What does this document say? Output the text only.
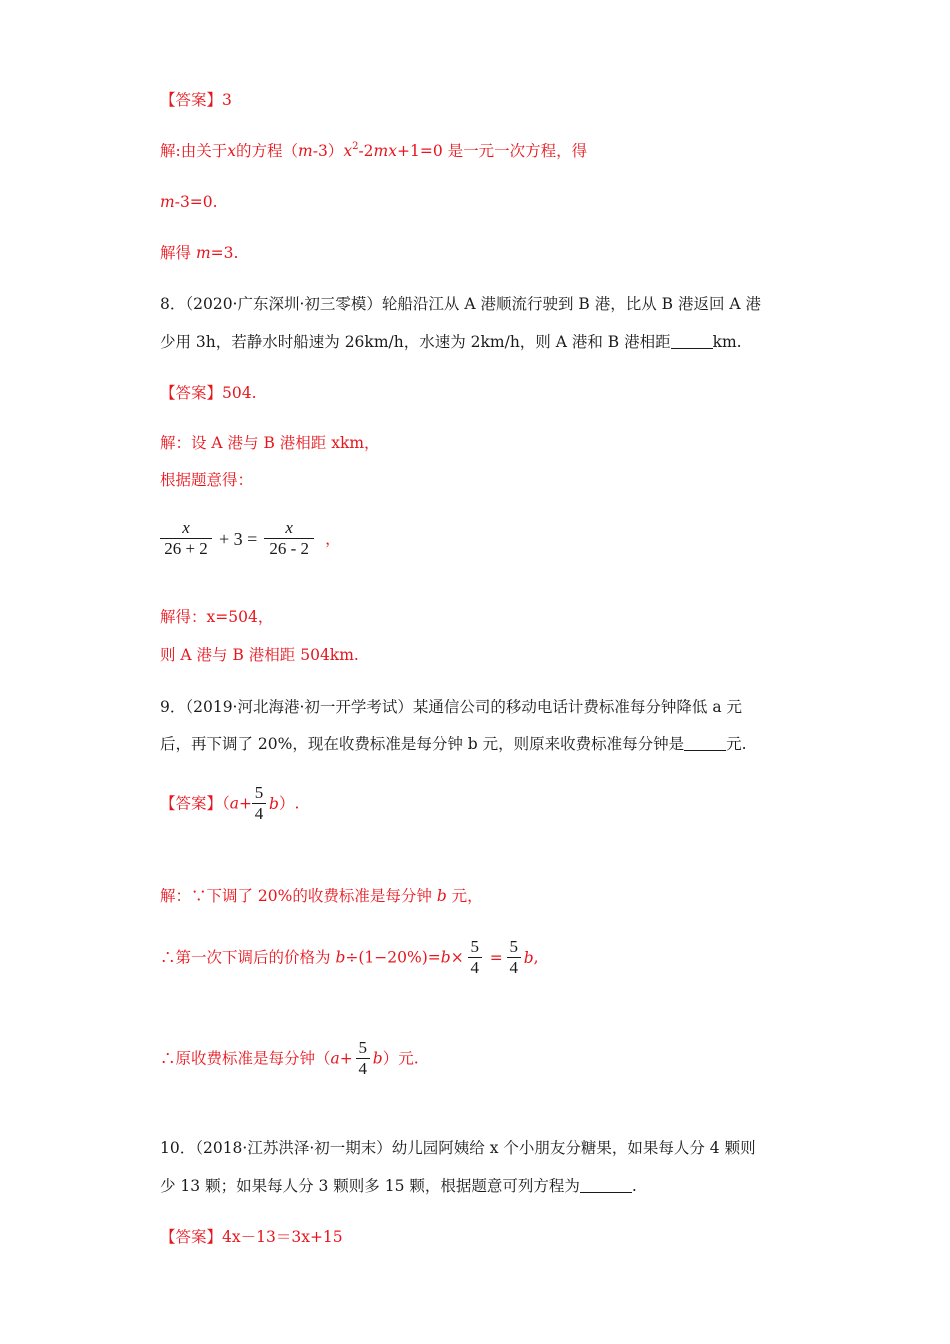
【答案】3
解:由关于x的方程$(m-3)x^2-2mx+1=0$ 是一元一次方程，得
m-3=0.
解得 m=3.
8．（2020·广东深圳·初三零模）轮船沿江从 A 港顺流行驶到 B 港，比从 B 港返回 A 港
少用 3h，若静水时船速为 26km/h，水速为 2km/h，则 A 港和 B 港相距	km.
【答案】504.
解：设 A 港与 B 港相距 xkm，
根据题意得：
$\frac{x}{26 + 2} + 3 = \frac{x}{26 - 2}$ ，
解得：x=504，
则 A 港与 B 港相距 504km.
9．（2019·河北海港·初一开学考试）某通信公司的移动电话计费标准每分钟降低 a 元
后，再下调了 20%，现在收费标准是每分钟 b 元，则原来收费标准每分钟是	元.
【答案】$(a+ \frac{5}{4} b)$.
解：∵下调了 20%的收费标准是每分钟 b 元，
∴第一次下调后的价格为 $b\div(1-20\%)=b\times \frac{5}{4} = \frac{5}{4} b$,
∴原收费标准是每分钟$(a+ \frac{5}{4} b)$元.
10．（2018·江苏洪泽·初一期末）幼儿园阿姨给 x 个小朋友分糖果，如果每人分 4 颗则
少 13 颗；如果每人分 3 颗则多 15 颗，根据题意可列方程为	.
【答案】4x－13＝3x+15
